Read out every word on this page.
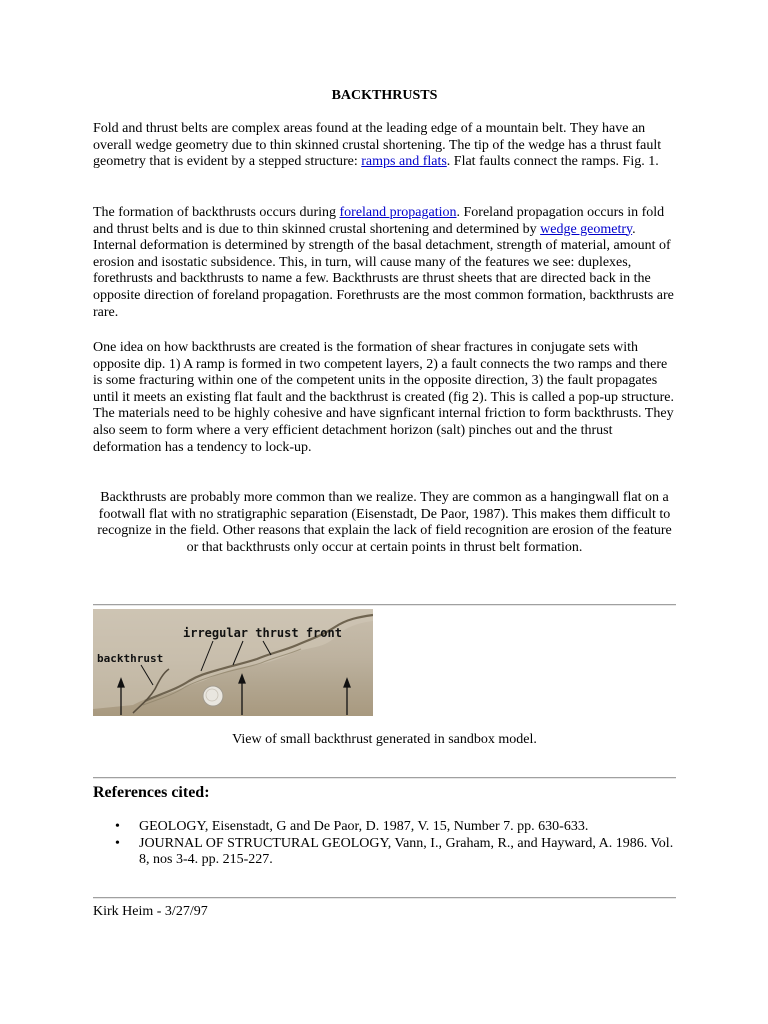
BACKTHRUSTS

Fold and thrust belts are complex areas found at the leading edge of a mountain belt. They have an overall wedge geometry due to thin skinned crustal shortening. The tip of the wedge has a thrust fault geometry that is evident by a stepped structure: ramps and flats. Flat faults connect the ramps. Fig. 1.

The formation of backthrusts occurs during foreland propagation. Foreland propagation occurs in fold and thrust belts and is due to thin skinned crustal shortening and determined by wedge geometry. Internal deformation is determined by strength of the basal detachment, strength of material, amount of erosion and isostatic subsidence. This, in turn, will cause many of the features we see: duplexes, forethrusts and backthrusts to name a few. Backthrusts are thrust sheets that are directed back in the opposite direction of foreland propagation. Forethrusts are the most common formation, backthrusts are rare.

One idea on how backthrusts are created is the formation of shear fractures in conjugate sets with opposite dip. 1) A ramp is formed in two competent layers, 2) a fault connects the two ramps and there is some fracturing within one of the competent units in the opposite direction, 3) the fault propagates until it meets an existing flat fault and the backthrust is created (fig 2). This is called a pop-up structure. The materials need to be highly cohesive and have signficant internal friction to form backthrusts. They also seem to form where a very efficient detachment horizon (salt) pinches out and the thrust deformation has a tendency to lock-up.

Backthrusts are probably more common than we realize. They are common as a hangingwall flat on a footwall flat with no stratigraphic separation (Eisenstadt, De Paor, 1987). This makes them difficult to recognize in the field. Other reasons that explain the lack of field recognition are erosion of the feature or that backthrusts only occur at certain points in thrust belt formation.

irregular thrust front
backthrust
View of small backthrust generated in sandbox model.
References cited:
• GEOLOGY, Eisenstadt, G and De Paor, D. 1987, V. 15, Number 7. pp. 630-633.
• JOURNAL OF STRUCTURAL GEOLOGY, Vann, I., Graham, R., and Hayward, A. 1986. Vol. 8, nos 3-4. pp. 215-227.
Kirk Heim - 3/27/97
